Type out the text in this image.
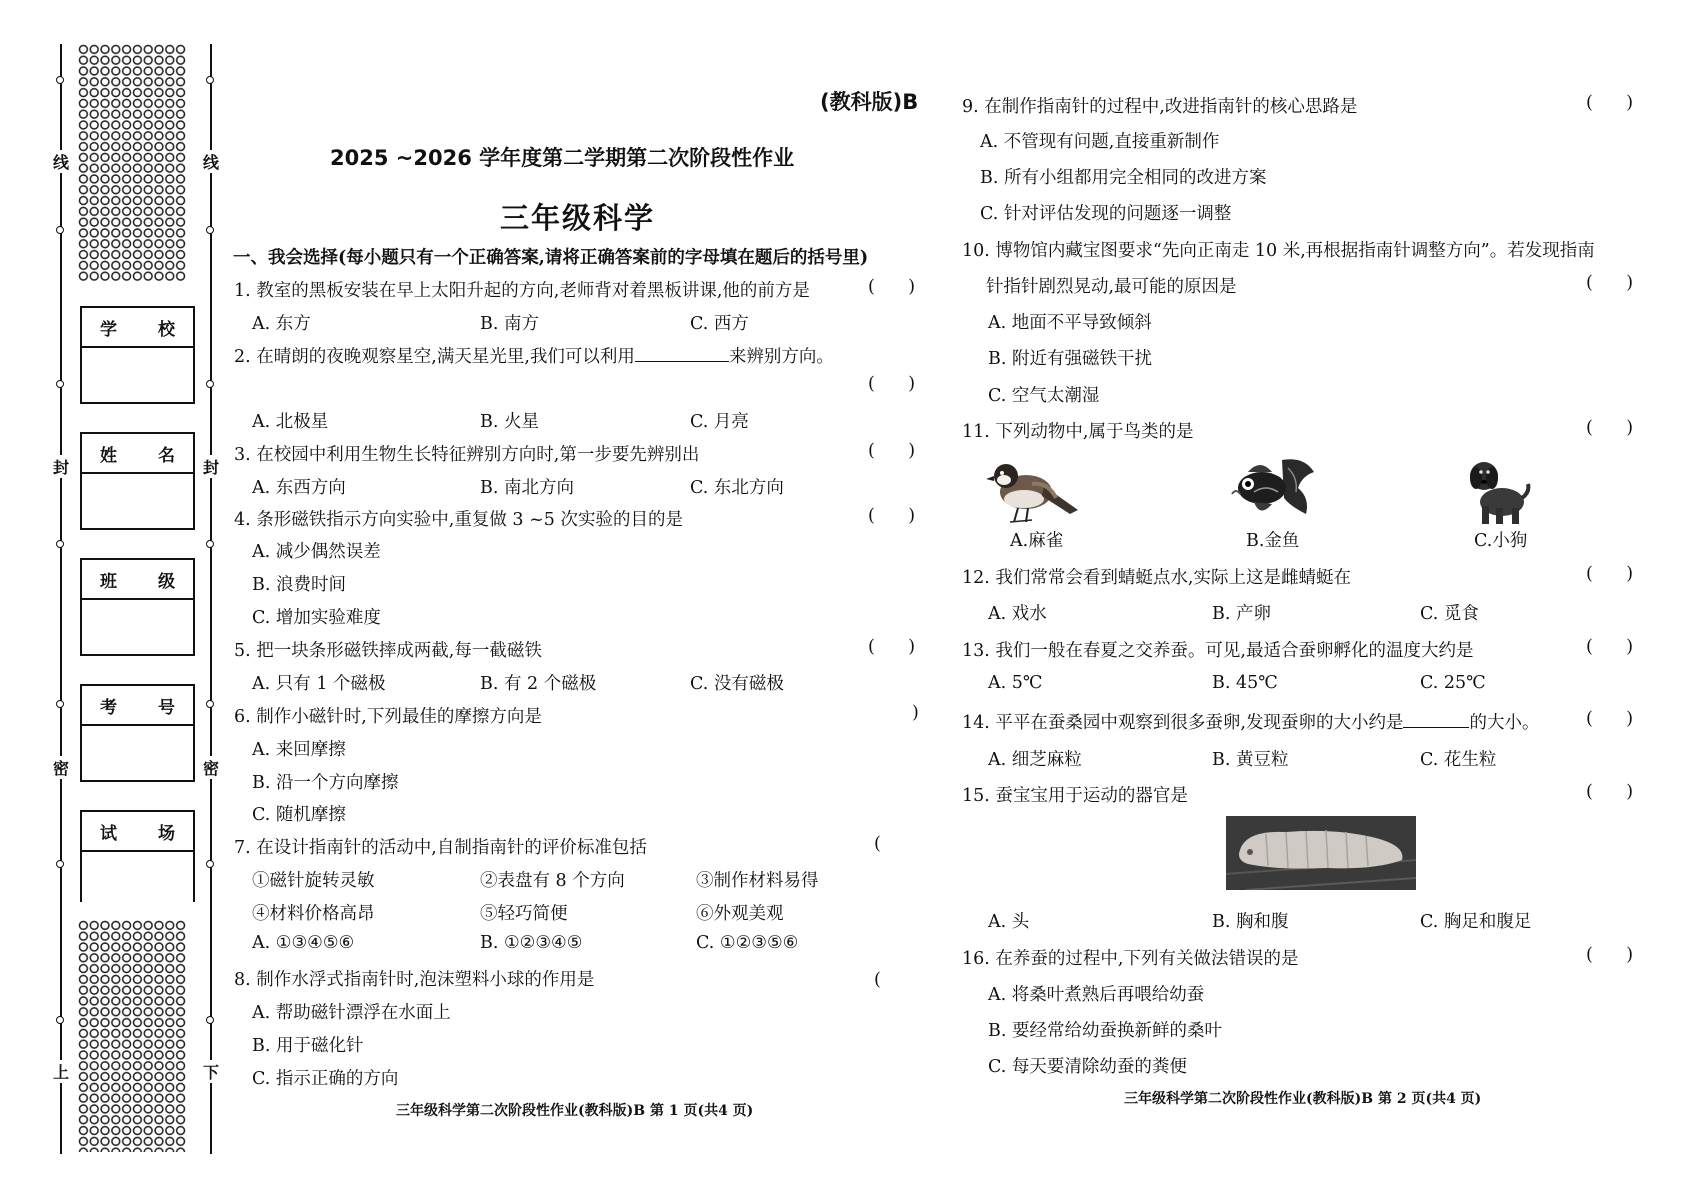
线
封
密
上
线
封
密
下
学 校
姓 名
班 级
考 号
试 场
(教科版)B
2025 ~2026 学年度第二学期第二次阶段性作业
三年级科学
一、我会选择(每小题只有一个正确答案,请将正确答案前的字母填在题后的括号里)
1. 教室的黑板安装在早上太阳升起的方向,老师背对着黑板讲课,他的前方是	(      )
A. 东方	B. 南方	C. 西方
2. 在晴朗的夜晚观察星空,满天星光里,我们可以利用	来辨别方向。
(      )
A. 北极星	B. 火星	C. 月亮
3. 在校园中利用生物生长特征辨别方向时,第一步要先辨别出	(      )
A. 东西方向	B. 南北方向	C. 东北方向
4. 条形磁铁指示方向实验中,重复做 3 ~5 次实验的目的是	(      )
A. 减少偶然误差
B. 浪费时间
C. 增加实验难度
5. 把一块条形磁铁摔成两截,每一截磁铁	(      )
A. 只有 1 个磁极	B. 有 2 个磁极	C. 没有磁极
6. 制作小磁针时,下列最佳的摩擦方向是	)
A. 来回摩擦
B. 沿一个方向摩擦
C. 随机摩擦
7. 在设计指南针的活动中,自制指南针的评价标准包括	(
①磁针旋转灵敏	②表盘有 8 个方向	③制作材料易得
④材料价格高昂	⑤轻巧简便	⑥外观美观
A. ①③④⑤⑥	B. ①②③④⑤	C. ①②③⑤⑥
8. 制作水浮式指南针时,泡沫塑料小球的作用是	(
A. 帮助磁针漂浮在水面上
B. 用于磁化针
C. 指示正确的方向
三年级科学第二次阶段性作业(教科版)B 第 1 页(共4 页)
9. 在制作指南针的过程中,改进指南针的核心思路是	(      )
A. 不管现有问题,直接重新制作
B. 所有小组都用完全相同的改进方案
C. 针对评估发现的问题逐一调整
10. 博物馆内藏宝图要求“先向正南走 10 米,再根据指南针调整方向”。若发现指南
针指针剧烈晃动,最可能的原因是	(      )
A. 地面不平导致倾斜
B. 附近有强磁铁干扰
C. 空气太潮湿
11. 下列动物中,属于鸟类的是	(      )
A.麻雀	B.金鱼	C.小狗
12. 我们常常会看到蜻蜓点水,实际上这是雌蜻蜓在	(      )
A. 戏水	B. 产卵	C. 觅食
13. 我们一般在春夏之交养蚕。可见,最适合蚕卵孵化的温度大约是	(      )
A. 5℃	B. 45℃	C. 25℃
14. 平平在蚕桑园中观察到很多蚕卵,发现蚕卵的大小约是	的大小。	(      )
A. 细芝麻粒	B. 黄豆粒	C. 花生粒
15. 蚕宝宝用于运动的器官是	(      )
A. 头	B. 胸和腹	C. 胸足和腹足
16. 在养蚕的过程中,下列有关做法错误的是	(      )
A. 将桑叶煮熟后再喂给幼蚕
B. 要经常给幼蚕换新鲜的桑叶
C. 每天要清除幼蚕的粪便
三年级科学第二次阶段性作业(教科版)B 第 2 页(共4 页)
